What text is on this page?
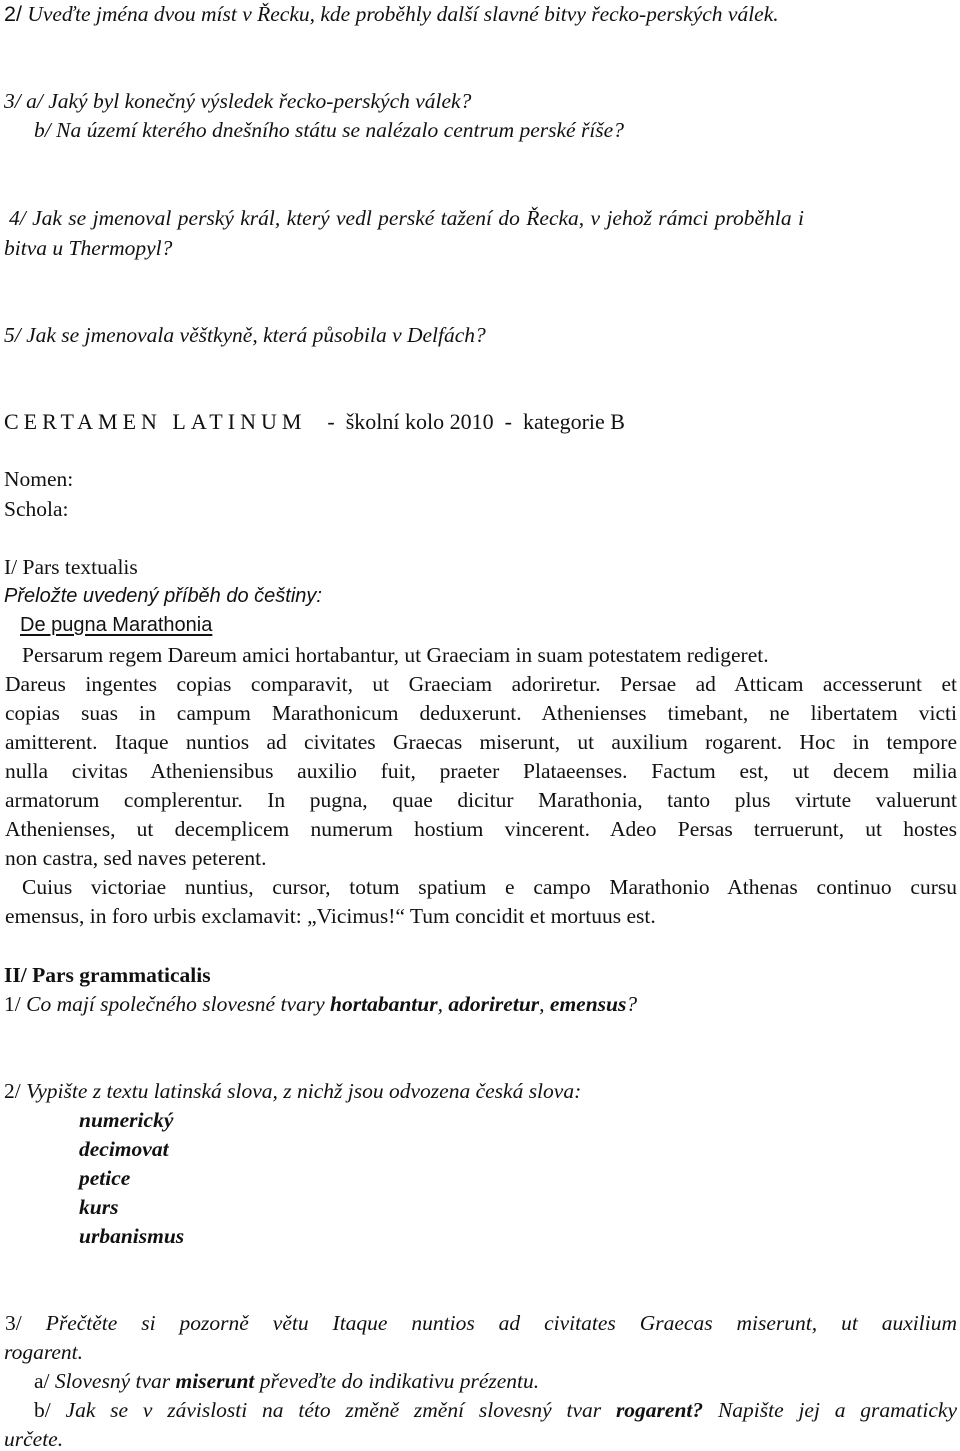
2/ Uveďte jména dvou míst v Řecku, kde proběhly další slavné bitvy řecko-perských válek.
3/ a/ Jaký byl konečný výsledek řecko-perských válek?
b/ Na území kterého dnešního státu se nalézalo centrum perské říše?
4/ Jak se jmenoval perský král, který vedl perské tažení do Řecka, v jehož rámci proběhla i
bitva u Thermopyl?
5/ Jak se jmenovala věštkyně, která působila v Delfách?
CERTAMEN LATINUM -  školní kolo 2010  -  kategorie B
Nomen:
Schola:
I/ Pars textualis
Přeložte uvedený příběh do češtiny:
De pugna Marathonia
Persarum regem Dareum amici hortabantur, ut Graeciam in suam potestatem redigeret.
Dareus ingentes copias comparavit, ut Graeciam adoriretur. Persae ad Atticam accesserunt et
copias suas in campum Marathonicum deduxerunt. Athenienses timebant, ne libertatem victi
amitterent. Itaque nuntios ad civitates Graecas miserunt, ut auxilium rogarent. Hoc in tempore
nulla civitas Atheniensibus auxilio fuit, praeter Plataeenses. Factum est, ut decem milia
armatorum complerentur. In pugna, quae dicitur Marathonia, tanto plus virtute valuerunt
Athenienses, ut decemplicem numerum hostium vincerent. Adeo Persas terruerunt, ut hostes
non castra, sed naves peterent.
Cuius victoriae nuntius, cursor, totum spatium e campo Marathonio Athenas continuo cursu
emensus, in foro urbis exclamavit: „Vicimus!“ Tum concidit et mortuus est.
II/ Pars grammaticalis
1/ Co mají společného slovesné tvary hortabantur, adoriretur, emensus?
2/ Vypište z textu latinská slova, z nichž jsou odvozena česká slova:
numerický
decimovat
petice
kurs
urbanismus
3/ Přečtěte si pozorně větu Itaque nuntios ad civitates Graecas miserunt, ut auxilium
rogarent.
a/ Slovesný tvar miserunt převeďte do indikativu prézentu.
b/ Jak se v závislosti na této změně změní slovesný tvar rogarent? Napište jej a gramaticky
určete.
